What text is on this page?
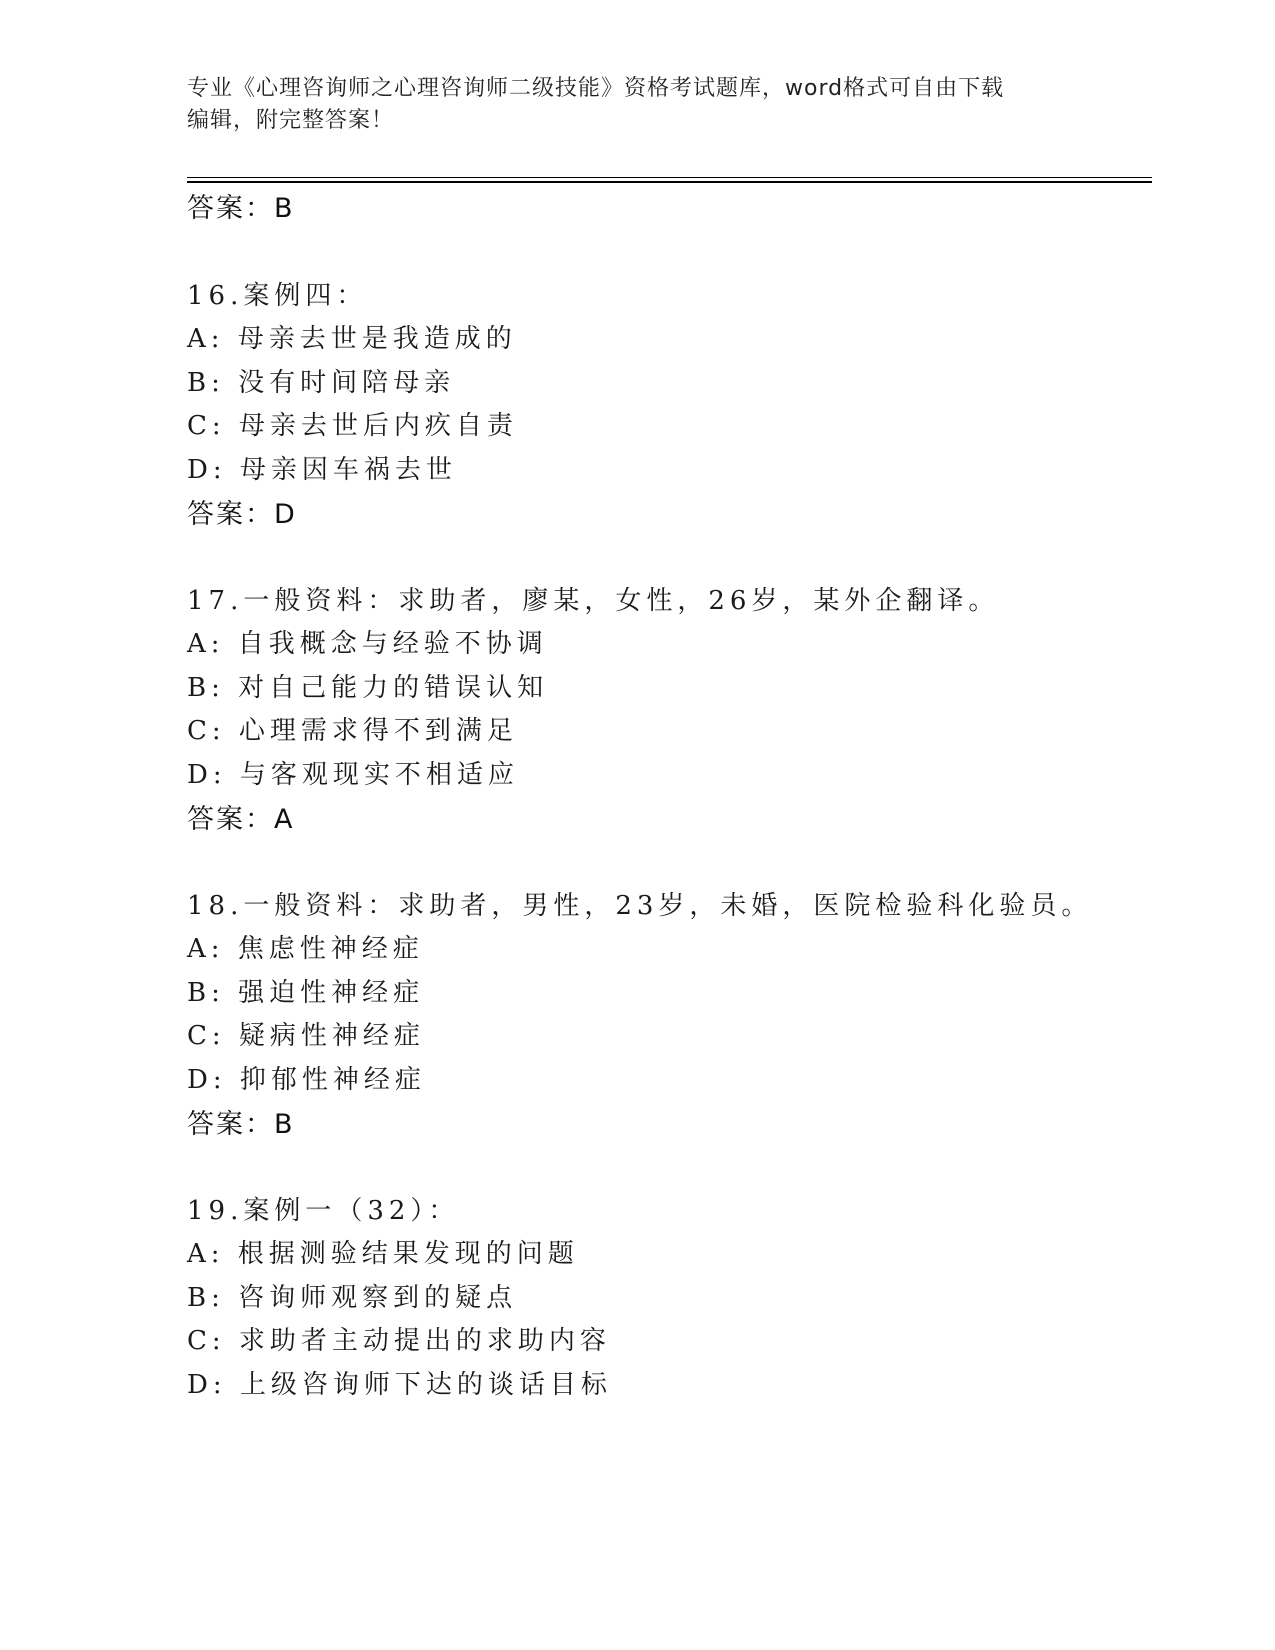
专业《心理咨询师之心理咨询师二级技能》资格考试题库，word格式可自由下载
编辑，附完整答案！
答案：B
16.案例四：
A: 母亲去世是我造成的
B: 没有时间陪母亲
C: 母亲去世后内疚自责
D: 母亲因车祸去世
答案：D
17.一般资料：求助者，廖某，女性，26岁，某外企翻译。
A: 自我概念与经验不协调
B: 对自己能力的错误认知
C: 心理需求得不到满足
D: 与客观现实不相适应
答案：A
18.一般资料：求助者，男性，23岁，未婚，医院检验科化验员。
A: 焦虑性神经症
B: 强迫性神经症
C: 疑病性神经症
D: 抑郁性神经症
答案：B
19.案例一（32）：
A: 根据测验结果发现的问题
B: 咨询师观察到的疑点
C: 求助者主动提出的求助内容
D: 上级咨询师下达的谈话目标
